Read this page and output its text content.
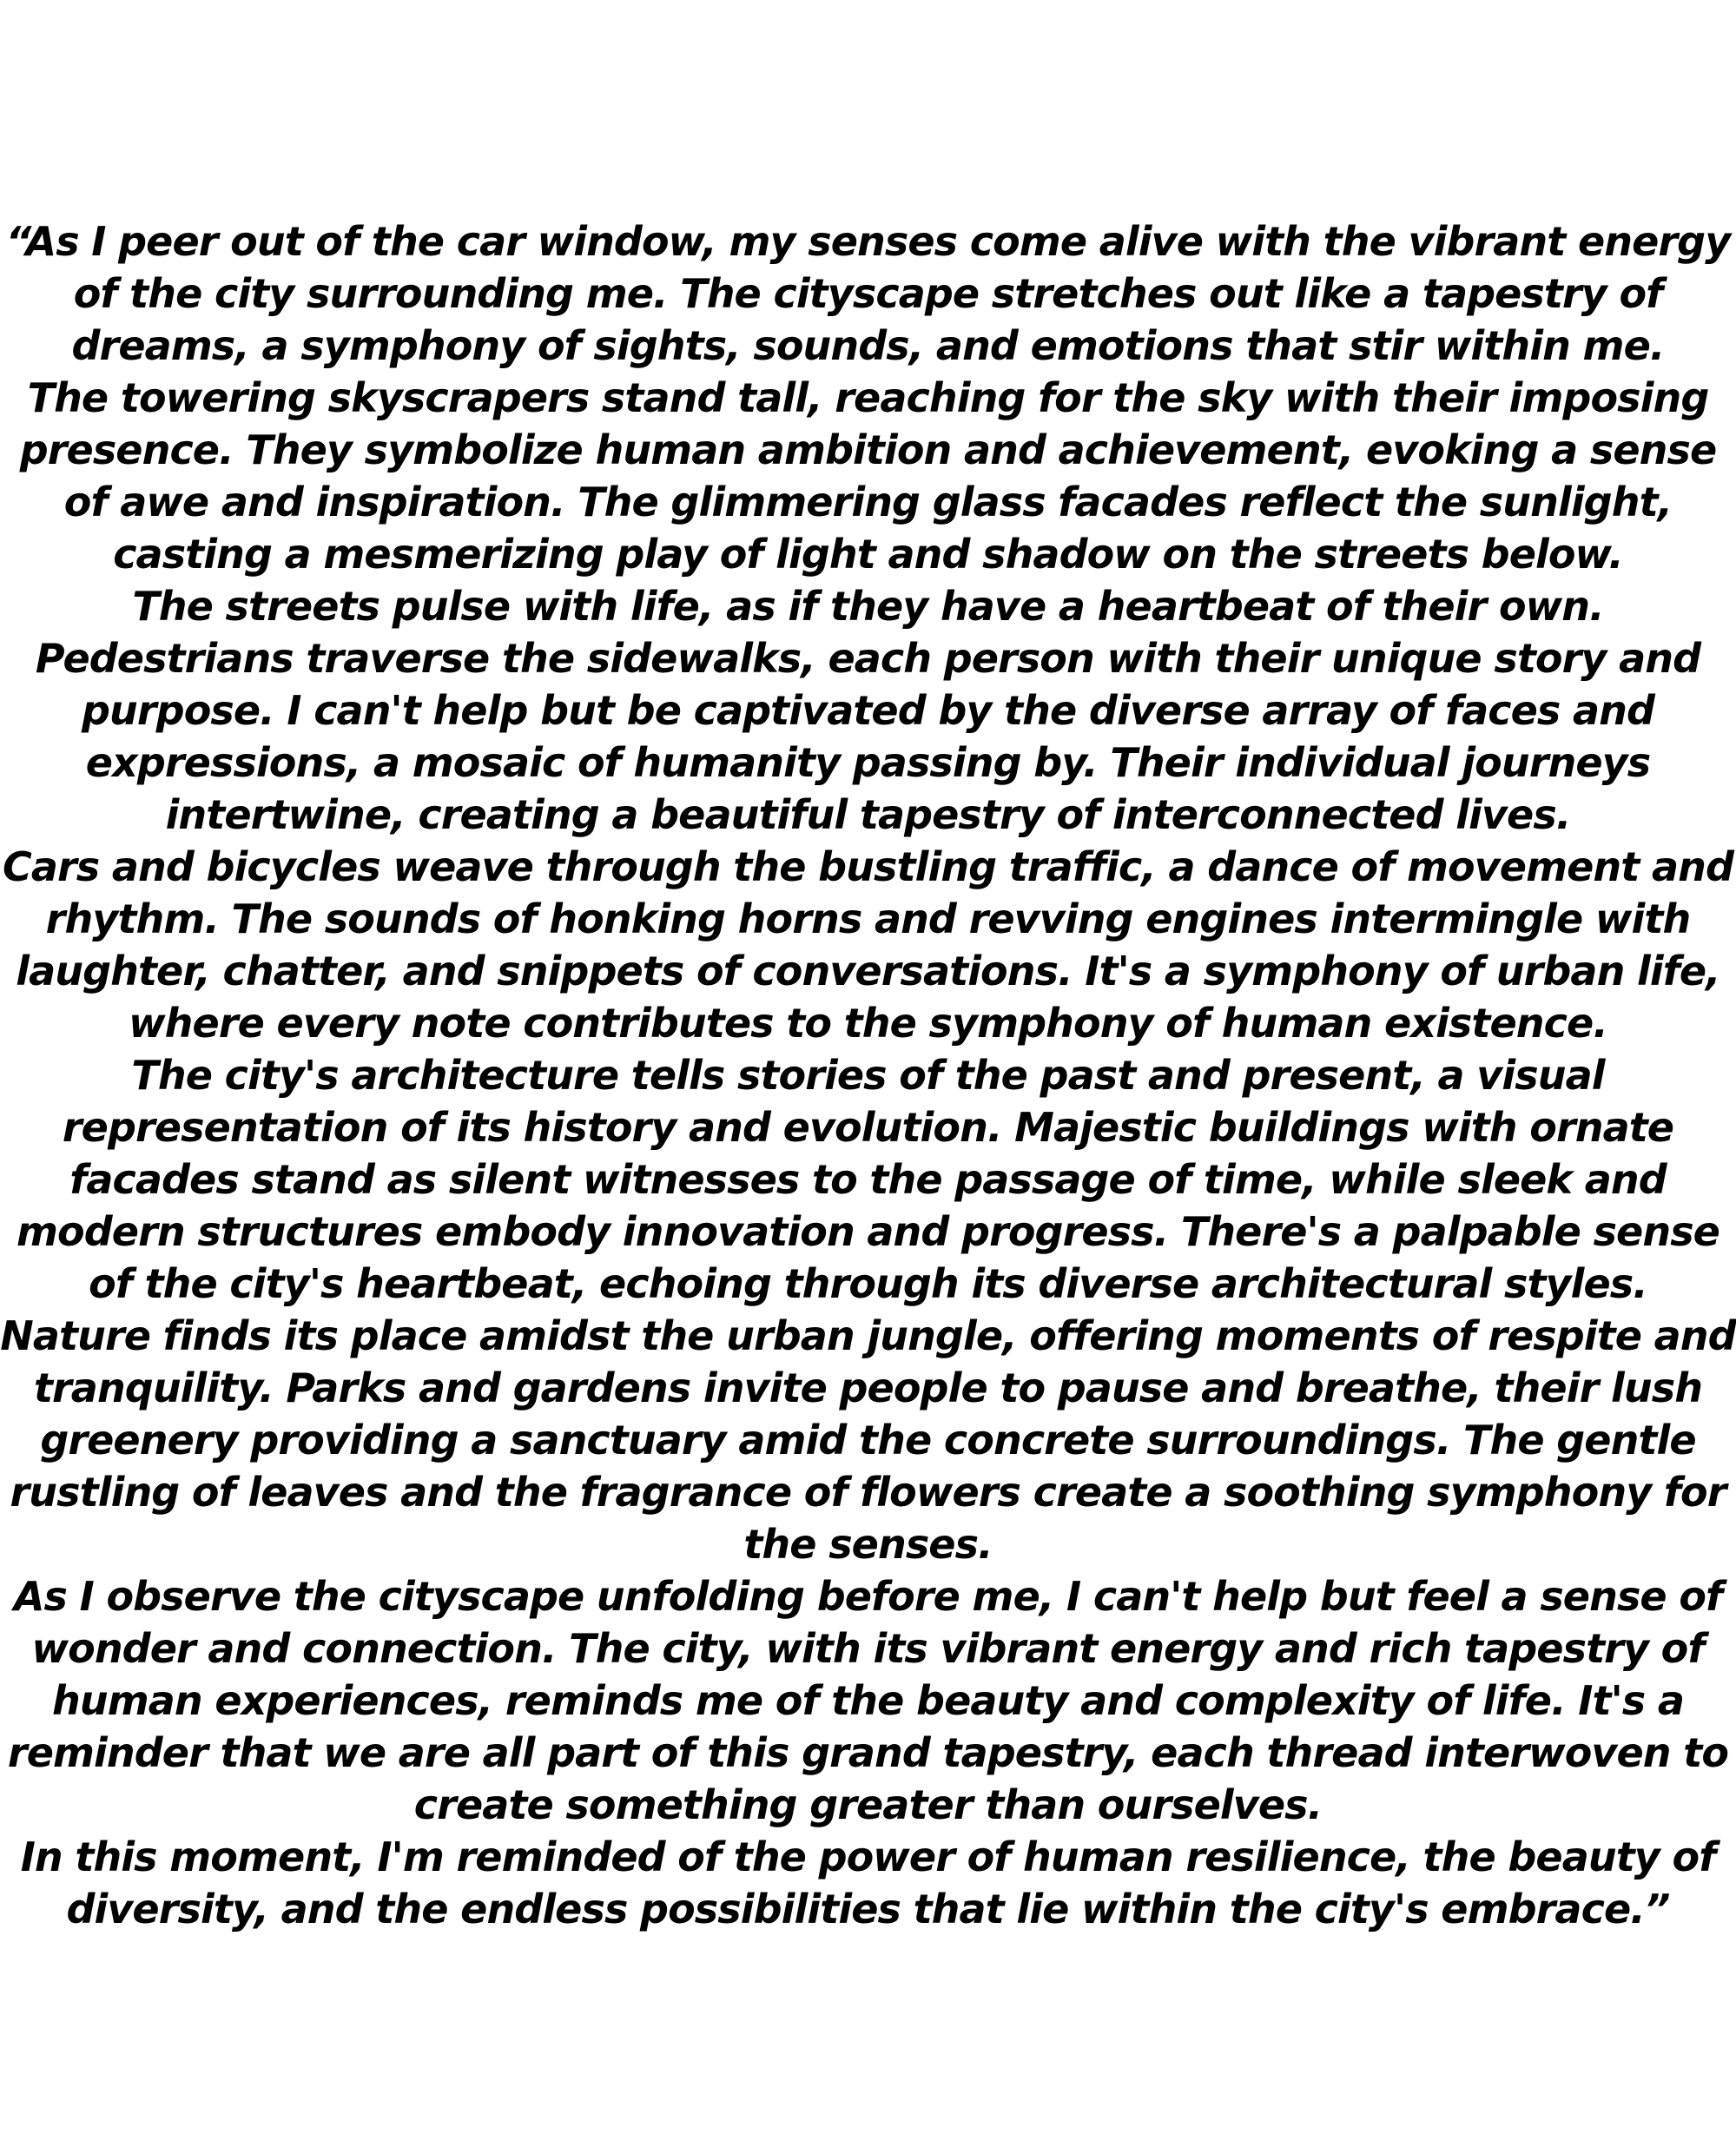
“As I peer out of the car window, my senses come alive with the vibrant energy of the city surrounding me. The cityscape stretches out like a tapestry of dreams, a symphony of sights, sounds, and emotions that stir within me.

The towering skyscrapers stand tall, reaching for the sky with their imposing presence. They symbolize human ambition and achievement, evoking a sense of awe and inspiration. The glimmering glass facades reflect the sunlight, casting a mesmerizing play of light and shadow on the streets below.

The streets pulse with life, as if they have a heartbeat of their own. Pedestrians traverse the sidewalks, each person with their unique story and purpose. I can't help but be captivated by the diverse array of faces and expressions, a mosaic of humanity passing by. Their individual journeys intertwine, creating a beautiful tapestry of interconnected lives.

Cars and bicycles weave through the bustling traffic, a dance of movement and rhythm. The sounds of honking horns and revving engines intermingle with laughter, chatter, and snippets of conversations. It's a symphony of urban life, where every note contributes to the symphony of human existence.

The city's architecture tells stories of the past and present, a visual representation of its history and evolution. Majestic buildings with ornate facades stand as silent witnesses to the passage of time, while sleek and modern structures embody innovation and progress. There's a palpable sense of the city's heartbeat, echoing through its diverse architectural styles.

Nature finds its place amidst the urban jungle, offering moments of respite and tranquility. Parks and gardens invite people to pause and breathe, their lush greenery providing a sanctuary amid the concrete surroundings. The gentle rustling of leaves and the fragrance of flowers create a soothing symphony for the senses.

As I observe the cityscape unfolding before me, I can't help but feel a sense of wonder and connection. The city, with its vibrant energy and rich tapestry of human experiences, reminds me of the beauty and complexity of life. It's a reminder that we are all part of this grand tapestry, each thread interwoven to create something greater than ourselves.

In this moment, I'm reminded of the power of human resilience, the beauty of diversity, and the endless possibilities that lie within the city's embrace.”
